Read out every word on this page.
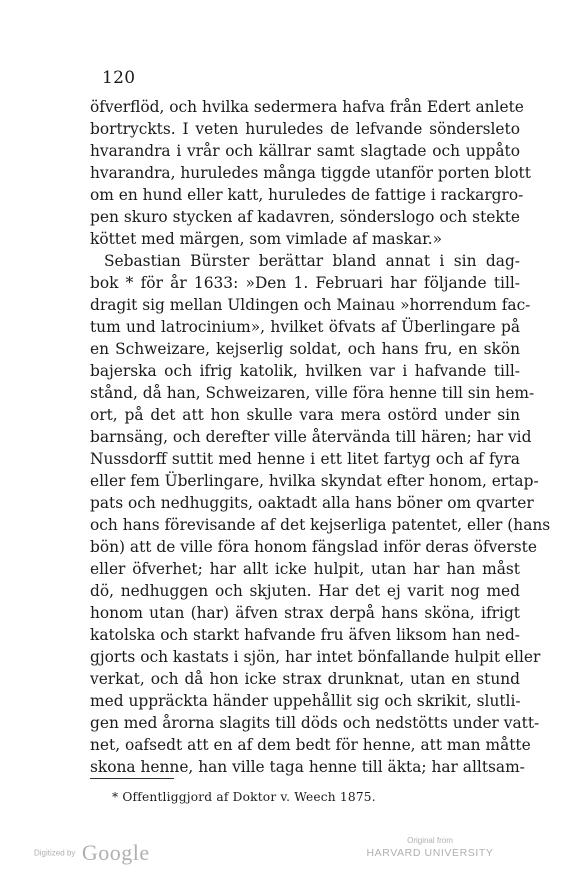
120
öfverflöd, och hvilka sedermera hafva från Edert anlete
bortryckts. I veten huruledes de lefvande söndersleto
hvarandra i vrår och källrar samt slagtade och uppåto
hvarandra, huruledes många tiggde utanför porten blott
om en hund eller katt, huruledes de fattige i rackargro-
pen skuro stycken af kadavren, sönderslogo och stekte
köttet med märgen, som vimlade af maskar.»
Sebastian Bürster berättar bland annat i sin dag-
bok * för år 1633: »Den 1. Februari har följande till-
dragit sig mellan Uldingen och Mainau »horrendum fac-
tum und latrocinium», hvilket öfvats af Überlingare på
en Schweizare, kejserlig soldat, och hans fru, en skön
bajerska och ifrig katolik, hvilken var i hafvande till-
stånd, då han, Schweizaren, ville föra henne till sin hem-
ort, på det att hon skulle vara mera ostörd under sin
barnsäng, och derefter ville återvända till hären; har vid
Nussdorff suttit med henne i ett litet fartyg och af fyra
eller fem Überlingare, hvilka skyndat efter honom, ertap-
pats och nedhuggits, oaktadt alla hans böner om qvarter
och hans förevisande af det kejserliga patentet, eller (hans
bön) att de ville föra honom fängslad inför deras öfverste
eller öfverhet; har allt icke hulpit, utan har han måst
dö, nedhuggen och skjuten. Har det ej varit nog med
honom utan (har) äfven strax derpå hans sköna, ifrigt
katolska och starkt hafvande fru äfven liksom han ned-
gjorts och kastats i sjön, har intet bönfallande hulpit eller
verkat, och då hon icke strax drunknat, utan en stund
med uppräckta händer uppehållit sig och skrikit, slutli-
gen med årorna slagits till döds och nedstötts under vatt-
net, oafsedt att en af dem bedt för henne, att man måtte
skona henne, han ville taga henne till äkta; har alltsam-
* Offentliggjord af Doktor v. Weech 1875.
Digitized by Google	Original from
HARVARD UNIVERSITY
